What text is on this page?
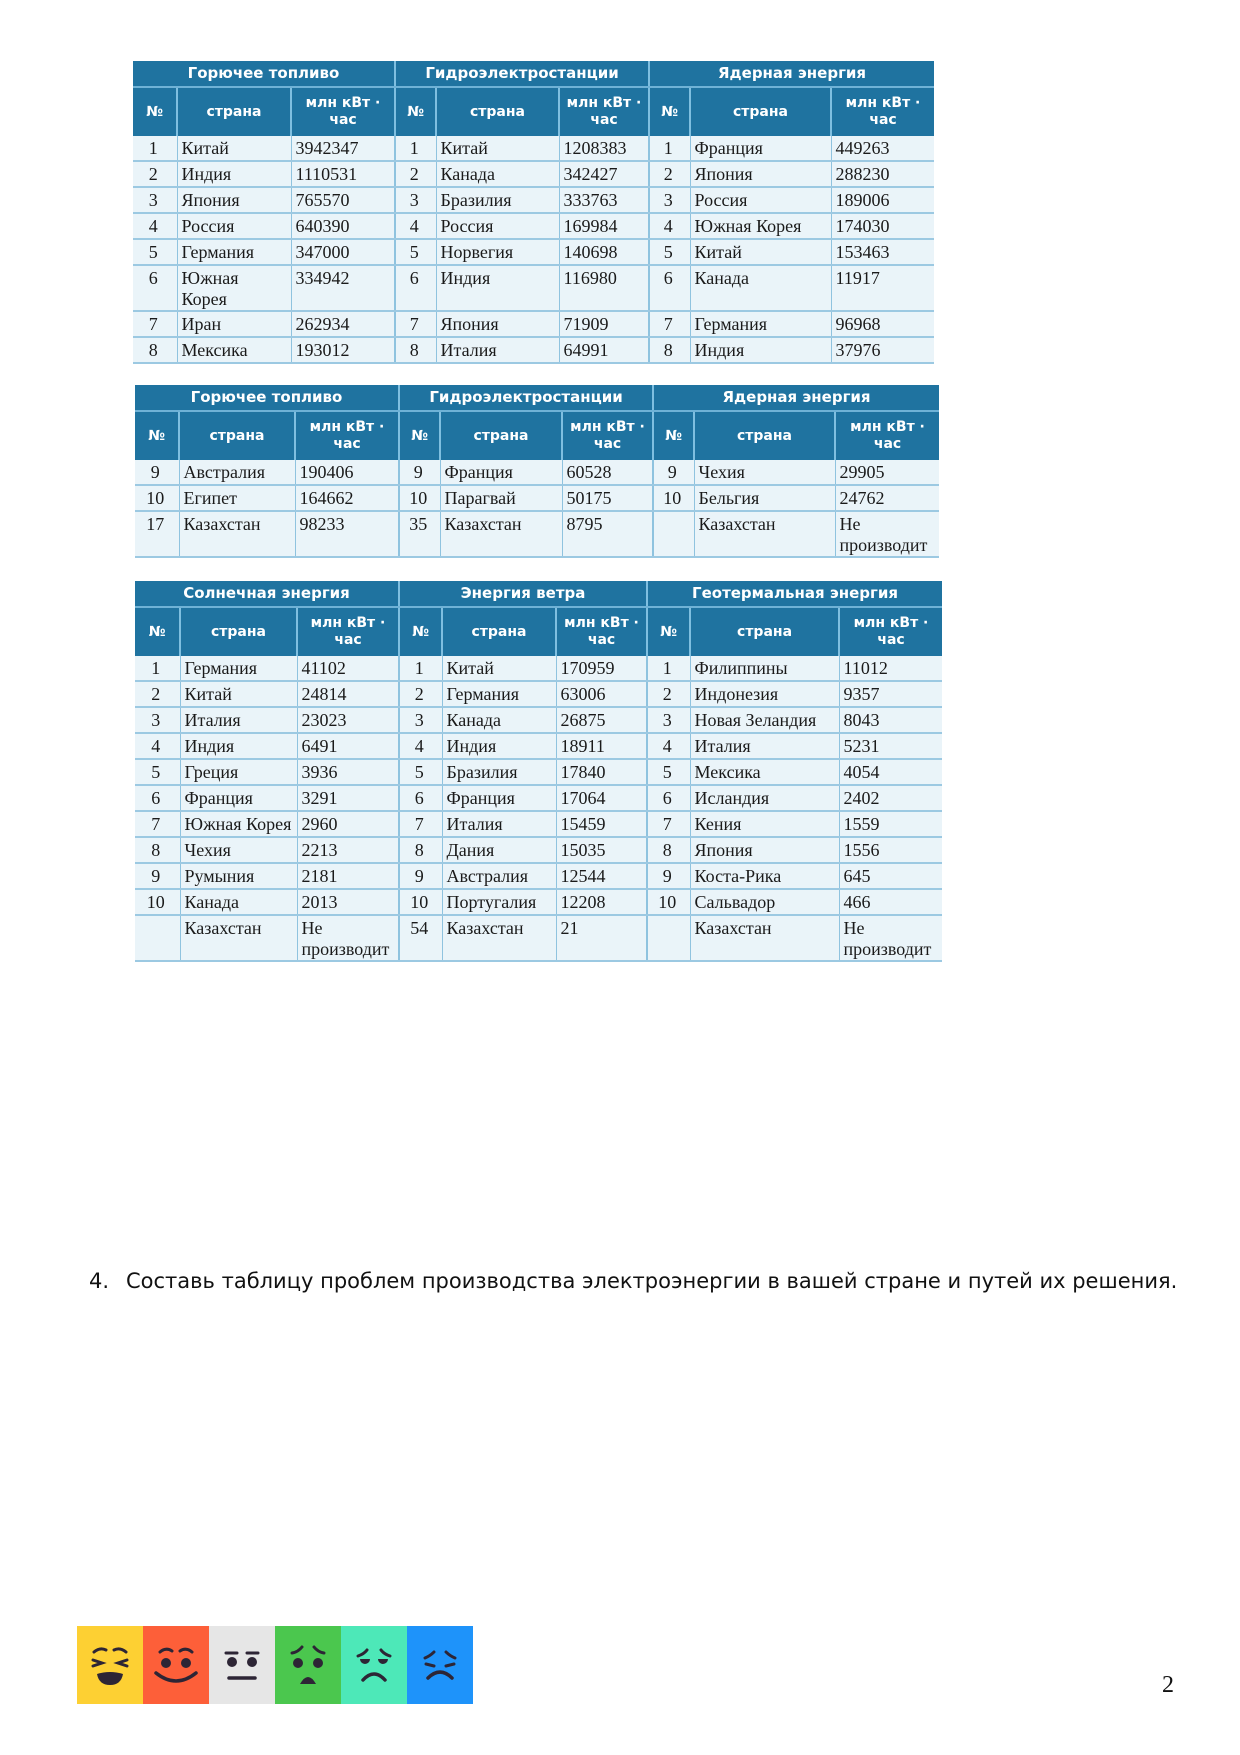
Горючее топливо			Гидроэлектростанции			Ядерная энергия		
№	страна	млн кВт · час	№	страна	млн кВт · час	№	страна	млн кВт · час
1	Китай	3942347	1	Китай	1208383	1	Франция	449263
2	Индия	1110531	2	Канада	342427	2	Япония	288230
3	Япония	765570	3	Бразилия	333763	3	Россия	189006
4	Россия	640390	4	Россия	169984	4	Южная Корея	174030
5	Германия	347000	5	Норвегия	140698	5	Китай	153463
6	Южная Корея	334942	6	Индия	116980	6	Канада	11917
7	Иран	262934	7	Япония	71909	7	Германия	96968
8	Мексика	193012	8	Италия	64991	8	Индия	37976
Горючее топливо			Гидроэлектростанции			Ядерная энергия		
№	страна	млн кВт · час	№	страна	млн кВт · час	№	страна	млн кВт · час
9	Австралия	190406	9	Франция	60528	9	Чехия	29905
10	Египет	164662	10	Парагвай	50175	10	Бельгия	24762
17	Казахстан	98233	35	Казахстан	8795		Казахстан	Не производит
Солнечная энергия			Энергия ветра			Геотермальная энергия		
№	страна	млн кВт · час	№	страна	млн кВт · час	№	страна	млн кВт · час
1	Германия	41102	1	Китай	170959	1	Филиппины	11012
2	Китай	24814	2	Германия	63006	2	Индонезия	9357
3	Италия	23023	3	Канада	26875	3	Новая Зеландия	8043
4	Индия	6491	4	Индия	18911	4	Италия	5231
5	Греция	3936	5	Бразилия	17840	5	Мексика	4054
6	Франция	3291	6	Франция	17064	6	Исландия	2402
7	Южная Корея	2960	7	Италия	15459	7	Кения	1559
8	Чехия	2213	8	Дания	15035	8	Япония	1556
9	Румыния	2181	9	Австралия	12544	9	Коста-Рика	645
10	Канада	2013	10	Португалия	12208	10	Сальвадор	466
	Казахстан	Не производит	54	Казахстан	21		Казахстан	Не производит
4. Составь таблицу проблем производства электроэнергии в вашей стране и путей их решения.
2
